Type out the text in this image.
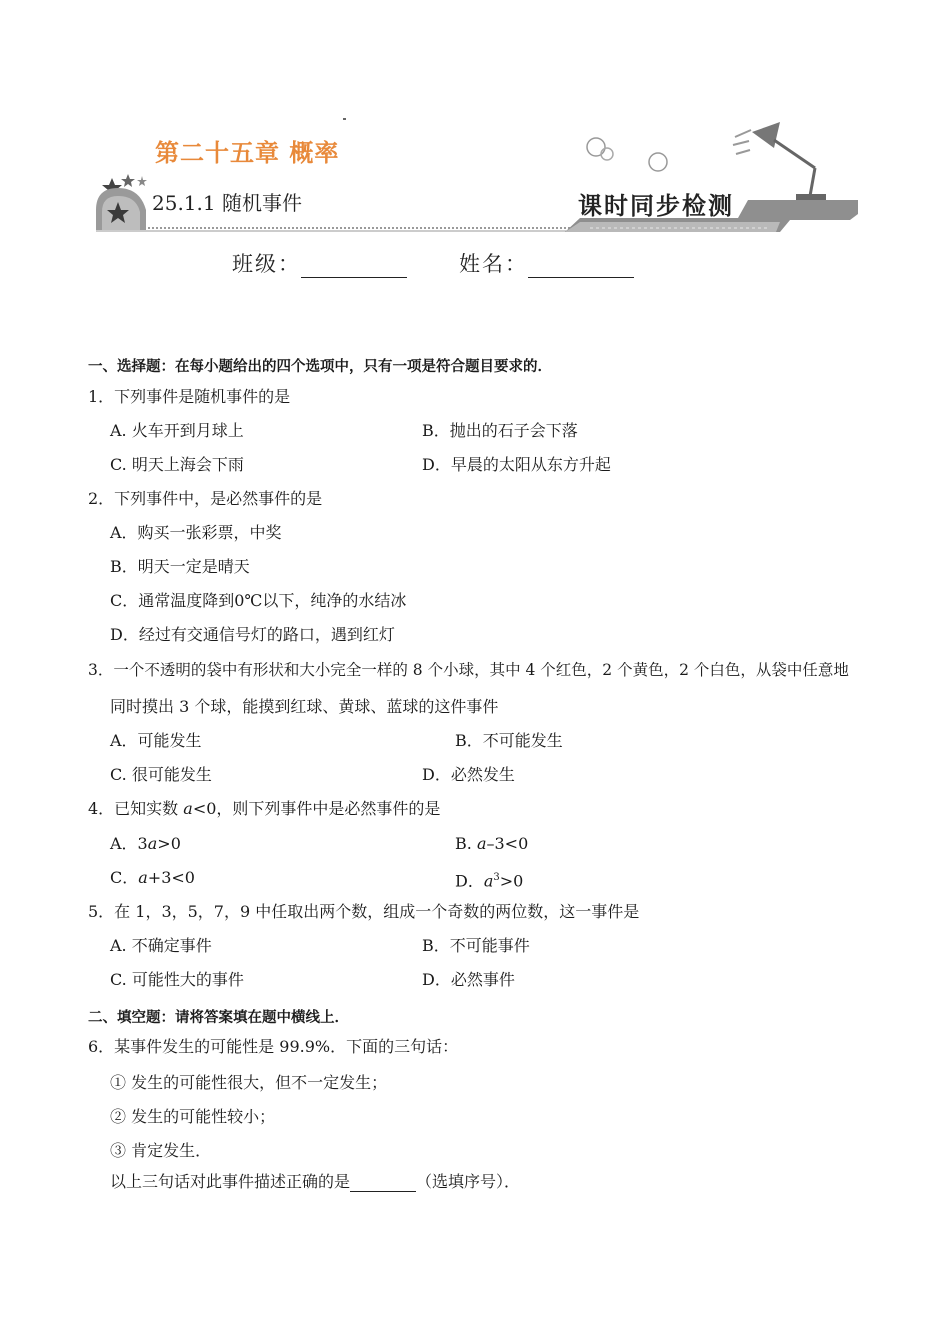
第二十五章 概率
25.1.1 随机事件	课时同步检测
班级：	姓名：
一、选择题：在每小题给出的四个选项中，只有一项是符合题目要求的．
1．下列事件是随机事件的是
A. 火车开到月球上	B．抛出的石子会下落
C. 明天上海会下雨	D．早晨的太阳从东方升起
2．下列事件中，是必然事件的是
A．购买一张彩票，中奖
B．明天一定是晴天
C．通常温度降到0℃以下，纯净的水结冰
D．经过有交通信号灯的路口，遇到红灯
3．一个不透明的袋中有形状和大小完全一样的 8 个小球，其中 4 个红色，2 个黄色，2 个白色，从袋中任意地
同时摸出 3 个球，能摸到红球、黄球、蓝球的这件事件
A．可能发生	B．不可能发生
C. 很可能发生	D．必然发生
4．已知实数 a<0，则下列事件中是必然事件的是
A．3a>0	B. a–3<0
C．a+3<0	D．$a^3>0$
5．在 1，3，5，7，9 中任取出两个数，组成一个奇数的两位数，这一事件是
A. 不确定事件	B．不可能事件
C. 可能性大的事件	D．必然事件
二、填空题：请将答案填在题中横线上．
6．某事件发生的可能性是 99.9%．下面的三句话：
① 发生的可能性很大，但不一定发生；
② 发生的可能性较小；
③ 肯定发生．
以上三句话对此事件描述正确的是	（选填序号）．
